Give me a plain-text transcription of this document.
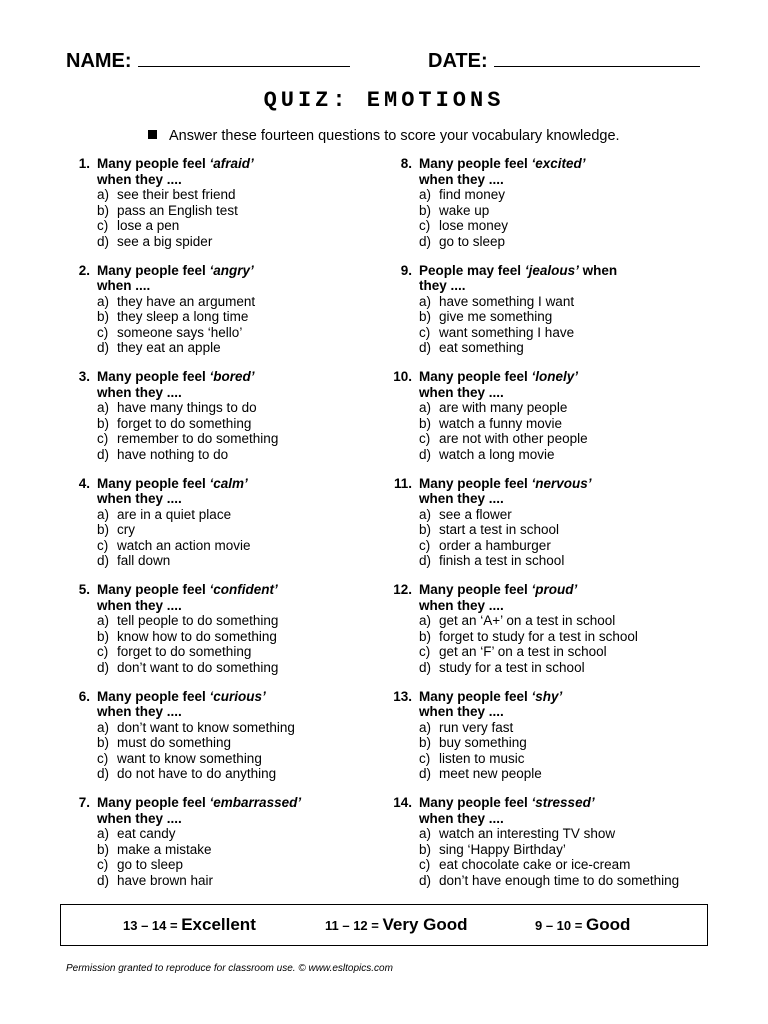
NAME:	DATE:
QUIZ: EMOTIONS
Answer these fourteen questions to score your vocabulary knowledge.
1. Many people feel ‘afraid’
when they ....
a) see their best friend
b) pass an English test
c) lose a pen
d) see a big spider
2. Many people feel ‘angry’
when ....
a) they have an argument
b) they sleep a long time
c) someone says ‘hello’
d) they eat an apple
3. Many people feel ‘bored’
when they ....
a) have many things to do
b) forget to do something
c) remember to do something
d) have nothing to do
4. Many people feel ‘calm’
when they ....
a) are in a quiet place
b) cry
c) watch an action movie
d) fall down
5. Many people feel ‘confident’
when they ....
a) tell people to do something
b) know how to do something
c) forget to do something
d) don’t want to do something
6. Many people feel ‘curious’
when they ....
a) don’t want to know something
b) must do something
c) want to know something
d) do not have to do anything
7. Many people feel ‘embarrassed’
when they ....
a) eat candy
b) make a mistake
c) go to sleep
d) have brown hair
8. Many people feel ‘excited’
when they ....
a) find money
b) wake up
c) lose money
d) go to sleep
9. People may feel ‘jealous’ when
they ....
a) have something I want
b) give me something
c) want something I have
d) eat something
10. Many people feel ‘lonely’
when they ....
a) are with many people
b) watch a funny movie
c) are not with other people
d) watch a long movie
11. Many people feel ‘nervous’
when they ....
a) see a flower
b) start a test in school
c) order a hamburger
d) finish a test in school
12. Many people feel ‘proud’
when they ....
a) get an ‘A+’ on a test in school
b) forget to study for a test in school
c) get an ‘F’ on a test in school
d) study for a test in school
13. Many people feel ‘shy’
when they ....
a) run very fast
b) buy something
c) listen to music
d) meet new people
14. Many people feel ‘stressed’
when they ....
a) watch an interesting TV show
b) sing ‘Happy Birthday’
c) eat chocolate cake or ice-cream
d) don’t have enough time to do something
13 – 14 = Excellent	11 – 12 = Very Good	9 – 10 = Good
Permission granted to reproduce for classroom use. © www.esltopics.com
